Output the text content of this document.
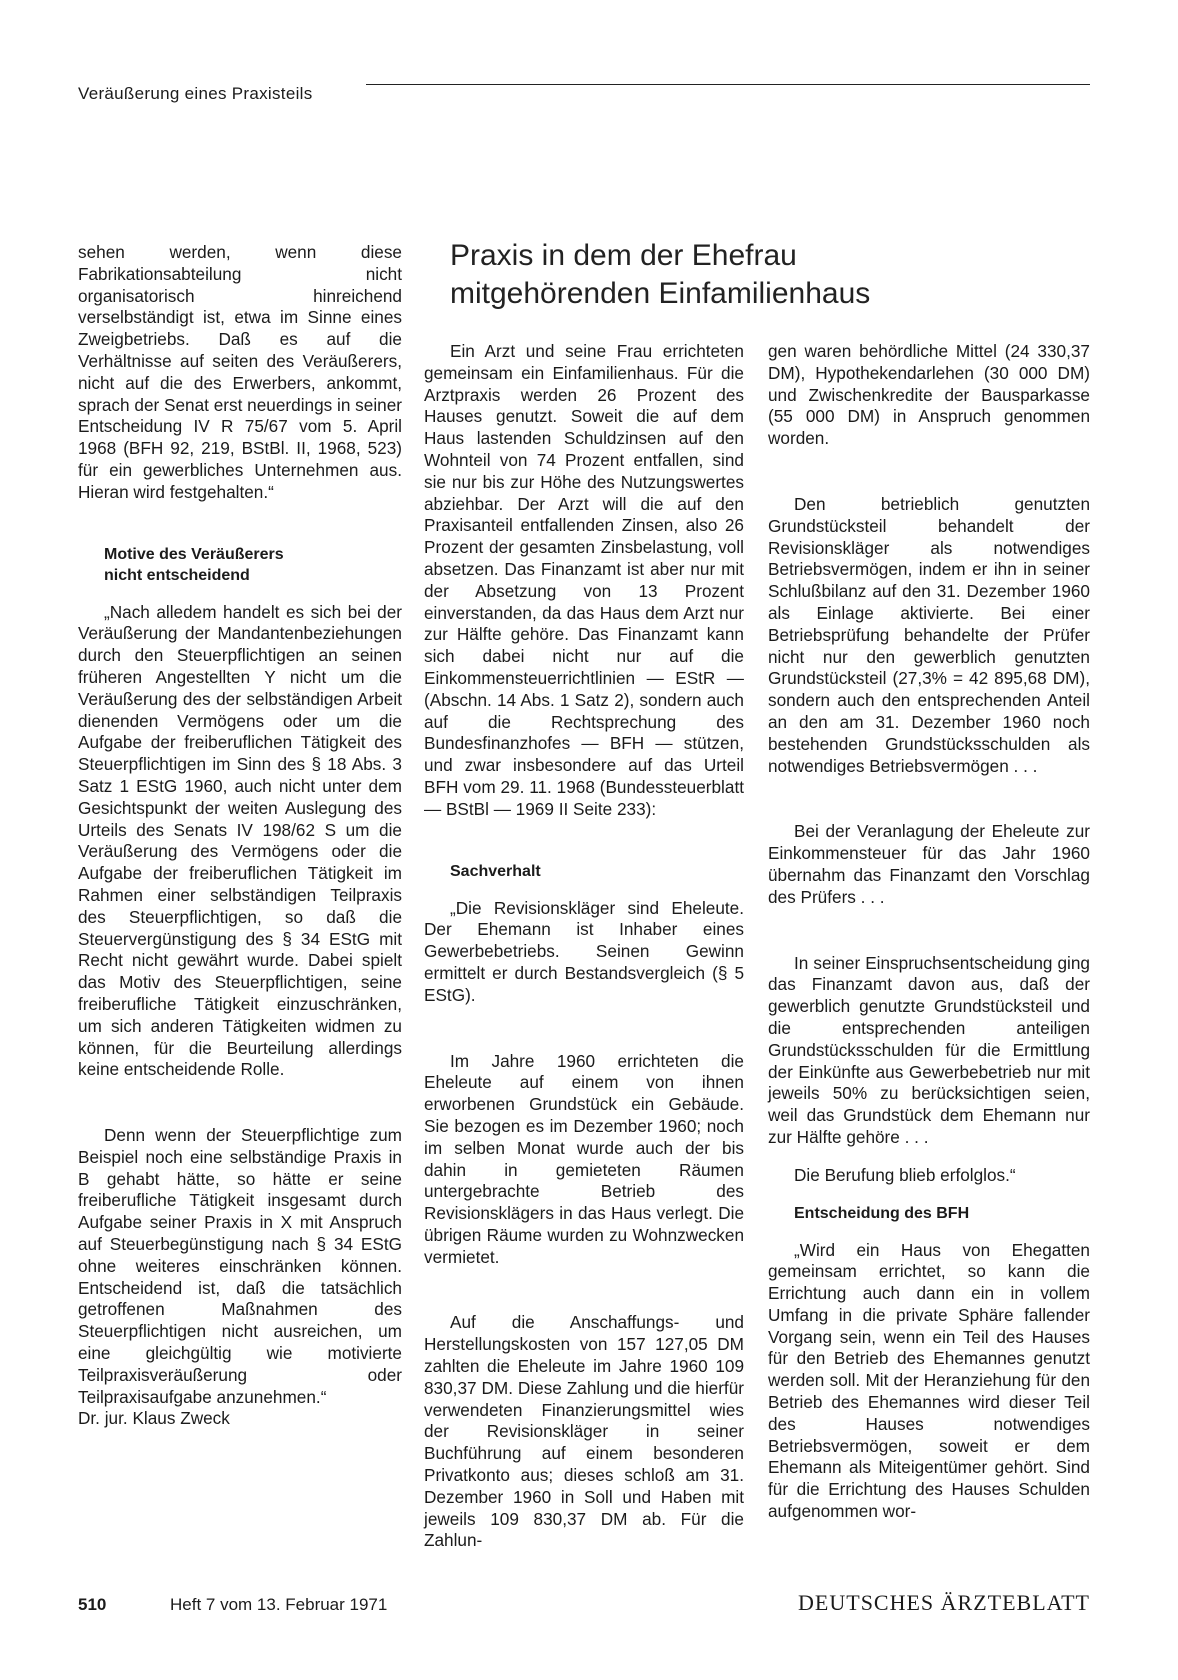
Veräußerung eines Praxisteils
Praxis in dem der Ehefrau
mitgehörenden Einfamilienhaus

sehen werden, wenn diese Fabrikationsabteilung nicht organisatorisch hinreichend verselbständigt ist, etwa im Sinne eines Zweigbetriebs. Daß es auf die Verhältnisse auf seiten des Veräußerers, nicht auf die des Erwerbers, ankommt, sprach der Senat erst neuerdings in seiner Entscheidung IV R 75/67 vom 5. April 1968 (BFH 92, 219, BStBl. II, 1968, 523) für ein gewerbliches Unternehmen aus. Hieran wird festgehalten.“

Motive des Veräußerers
nicht entscheidend

„Nach alledem handelt es sich bei der Veräußerung der Mandantenbeziehungen durch den Steuerpflichtigen an seinen früheren Angestellten Y nicht um die Veräußerung des der selbständigen Arbeit dienenden Vermögens oder um die Aufgabe der freiberuflichen Tätigkeit des Steuerpflichtigen im Sinn des § 18 Abs. 3 Satz 1 EStG 1960, auch nicht unter dem Gesichtspunkt der weiten Auslegung des Urteils des Senats IV 198/62 S um die Veräußerung des Vermögens oder die Aufgabe der freiberuflichen Tätigkeit im Rahmen einer selbständigen Teilpraxis des Steuerpflichtigen, so daß die Steuervergünstigung des § 34 EStG mit Recht nicht gewährt wurde. Dabei spielt das Motiv des Steuerpflichtigen, seine freiberufliche Tätigkeit einzuschränken, um sich anderen Tätigkeiten widmen zu können, für die Beurteilung allerdings keine entscheidende Rolle.

Denn wenn der Steuerpflichtige zum Beispiel noch eine selbständige Praxis in B gehabt hätte, so hätte er seine freiberufliche Tätigkeit insgesamt durch Aufgabe seiner Praxis in X mit Anspruch auf Steuerbegünstigung nach § 34 EStG ohne weiteres einschränken können. Entscheidend ist, daß die tatsächlich getroffenen Maßnahmen des Steuerpflichtigen nicht ausreichen, um eine gleichgültig wie motivierte Teilpraxisveräußerung oder Teilpraxisaufgabe anzunehmen.“

Dr. jur. Klaus Zweck

Ein Arzt und seine Frau errichteten gemeinsam ein Einfamilienhaus. Für die Arztpraxis werden 26 Prozent des Hauses genutzt. Soweit die auf dem Haus lastenden Schuldzinsen auf den Wohnteil von 74 Prozent entfallen, sind sie nur bis zur Höhe des Nutzungswertes abziehbar. Der Arzt will die auf den Praxisanteil entfallenden Zinsen, also 26 Prozent der gesamten Zinsbelastung, voll absetzen. Das Finanzamt ist aber nur mit der Absetzung von 13 Prozent einverstanden, da das Haus dem Arzt nur zur Hälfte gehöre. Das Finanzamt kann sich dabei nicht nur auf die Einkommensteuerrichtlinien — EStR — (Abschn. 14 Abs. 1 Satz 2), sondern auch auf die Rechtsprechung des Bundesfinanzhofes — BFH — stützen, und zwar insbesondere auf das Urteil BFH vom 29. 11. 1968 (Bundessteuerblatt — BStBl — 1969 II Seite 233):

Sachverhalt

„Die Revisionskläger sind Eheleute. Der Ehemann ist Inhaber eines Gewerbebetriebs. Seinen Gewinn ermittelt er durch Bestandsvergleich (§ 5 EStG).

Im Jahre 1960 errichteten die Eheleute auf einem von ihnen erworbenen Grundstück ein Gebäude. Sie bezogen es im Dezember 1960; noch im selben Monat wurde auch der bis dahin in gemieteten Räumen untergebrachte Betrieb des Revisionsklägers in das Haus verlegt. Die übrigen Räume wurden zu Wohnzwecken vermietet.

Auf die Anschaffungs- und Herstellungskosten von 157 127,05 DM zahlten die Eheleute im Jahre 1960 109 830,37 DM. Diese Zahlung und die hierfür verwendeten Finanzierungsmittel wies der Revisionskläger in seiner Buchführung auf einem besonderen Privatkonto aus; dieses schloß am 31. Dezember 1960 in Soll und Haben mit jeweils 109 830,37 DM ab. Für die Zahlun-

gen waren behördliche Mittel (24 330,37 DM), Hypothekendarlehen (30 000 DM) und Zwischenkredite der Bausparkasse (55 000 DM) in Anspruch genommen worden.

Den betrieblich genutzten Grundstücksteil behandelt der Revisionskläger als notwendiges Betriebsvermögen, indem er ihn in seiner Schlußbilanz auf den 31. Dezember 1960 als Einlage aktivierte. Bei einer Betriebsprüfung behandelte der Prüfer nicht nur den gewerblich genutzten Grundstücksteil (27,3% = 42 895,68 DM), sondern auch den entsprechenden Anteil an den am 31. Dezember 1960 noch bestehenden Grundstücksschulden als notwendiges Betriebsvermögen . . .

Bei der Veranlagung der Eheleute zur Einkommensteuer für das Jahr 1960 übernahm das Finanzamt den Vorschlag des Prüfers . . .

In seiner Einspruchsentscheidung ging das Finanzamt davon aus, daß der gewerblich genutzte Grundstücksteil und die entsprechenden anteiligen Grundstücksschulden für die Ermittlung der Einkünfte aus Gewerbebetrieb nur mit jeweils 50% zu berücksichtigen seien, weil das Grundstück dem Ehemann nur zur Hälfte gehöre . . .

Die Berufung blieb erfolglos.“

Entscheidung des BFH

„Wird ein Haus von Ehegatten gemeinsam errichtet, so kann die Errichtung auch dann ein in vollem Umfang in die private Sphäre fallender Vorgang sein, wenn ein Teil des Hauses für den Betrieb des Ehemannes genutzt werden soll. Mit der Heranziehung für den Betrieb des Ehemannes wird dieser Teil des Hauses notwendiges Betriebsvermögen, soweit er dem Ehemann als Miteigentümer gehört. Sind für die Errichtung des Hauses Schulden aufgenommen wor-

510	Heft 7 vom 13. Februar 1971	DEUTSCHES ÄRZTEBLATT
